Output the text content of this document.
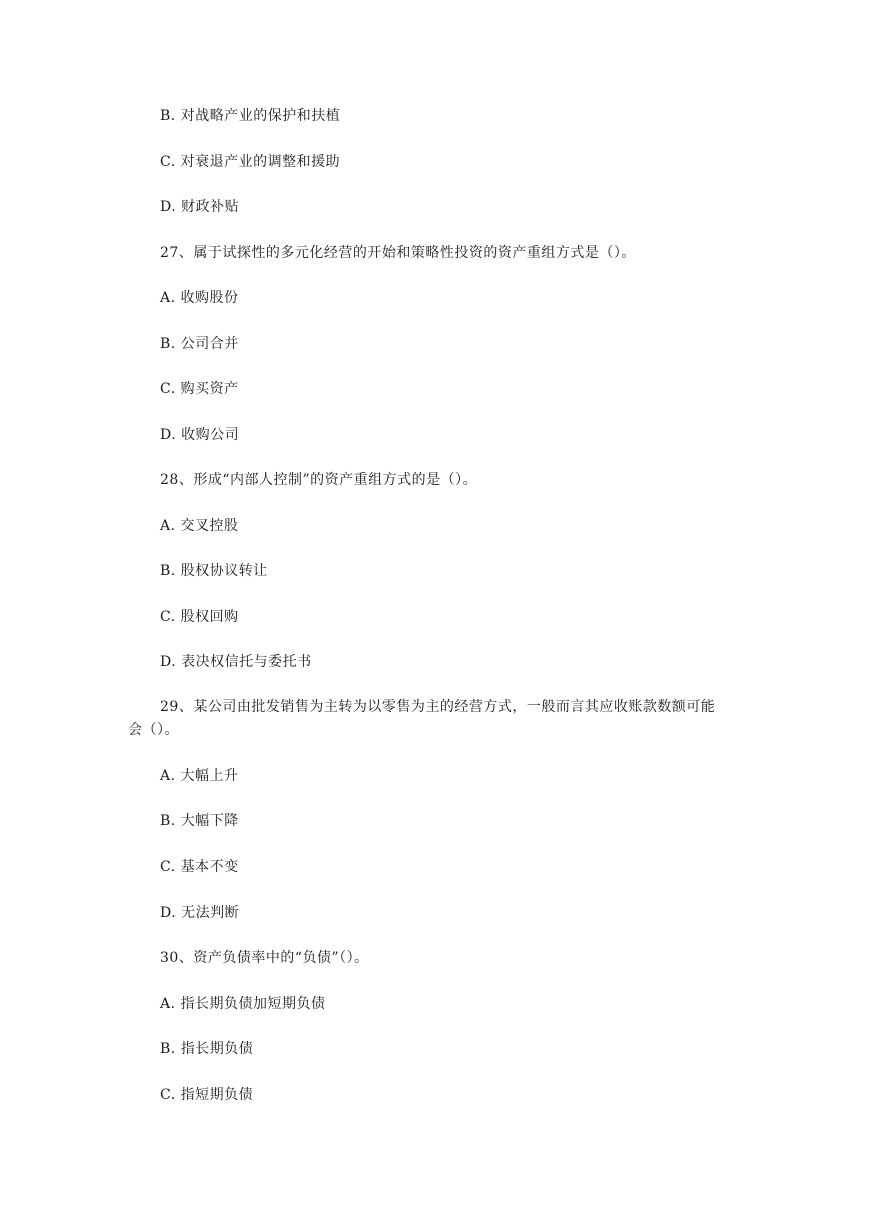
B. 对战略产业的保护和扶植
C. 对衰退产业的调整和援助
D. 财政补贴
27、属于试探性的多元化经营的开始和策略性投资的资产重组方式是（）。
A. 收购股份
B. 公司合并
C. 购买资产
D. 收购公司
28、形成“内部人控制”的资产重组方式的是（）。
A. 交叉控股
B. 股权协议转让
C. 股权回购
D. 表决权信托与委托书
29、某公司由批发销售为主转为以零售为主的经营方式，一般而言其应收账款数额可能
会（）。
A. 大幅上升
B. 大幅下降
C. 基本不变
D. 无法判断
30、资产负债率中的“负债”（）。
A. 指长期负债加短期负债
B. 指长期负债
C. 指短期负债
